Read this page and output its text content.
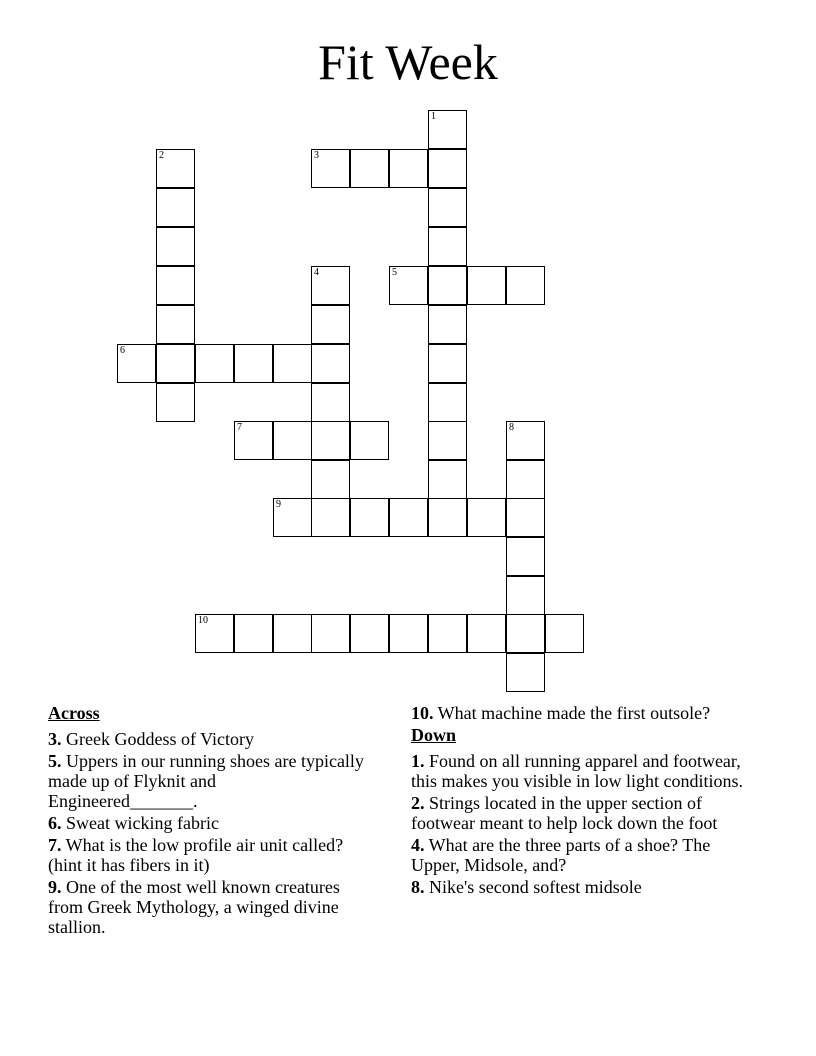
Fit Week
1
2	3
4	5
6
7	8
9
10
Across
3. Greek Goddess of Victory
5. Uppers in our running shoes are typically made up of Flyknit and Engineered_______.
6. Sweat wicking fabric
7. What is the low profile air unit called? (hint it has fibers in it)
9. One of the most well known creatures from Greek Mythology, a winged divine stallion.
10. What machine made the first outsole?
Down
1. Found on all running apparel and footwear, this makes you visible in low light conditions.
2. Strings located in the upper section of footwear meant to help lock down the foot
4. What are the three parts of a shoe? The Upper, Midsole, and?
8. Nike's second softest midsole
